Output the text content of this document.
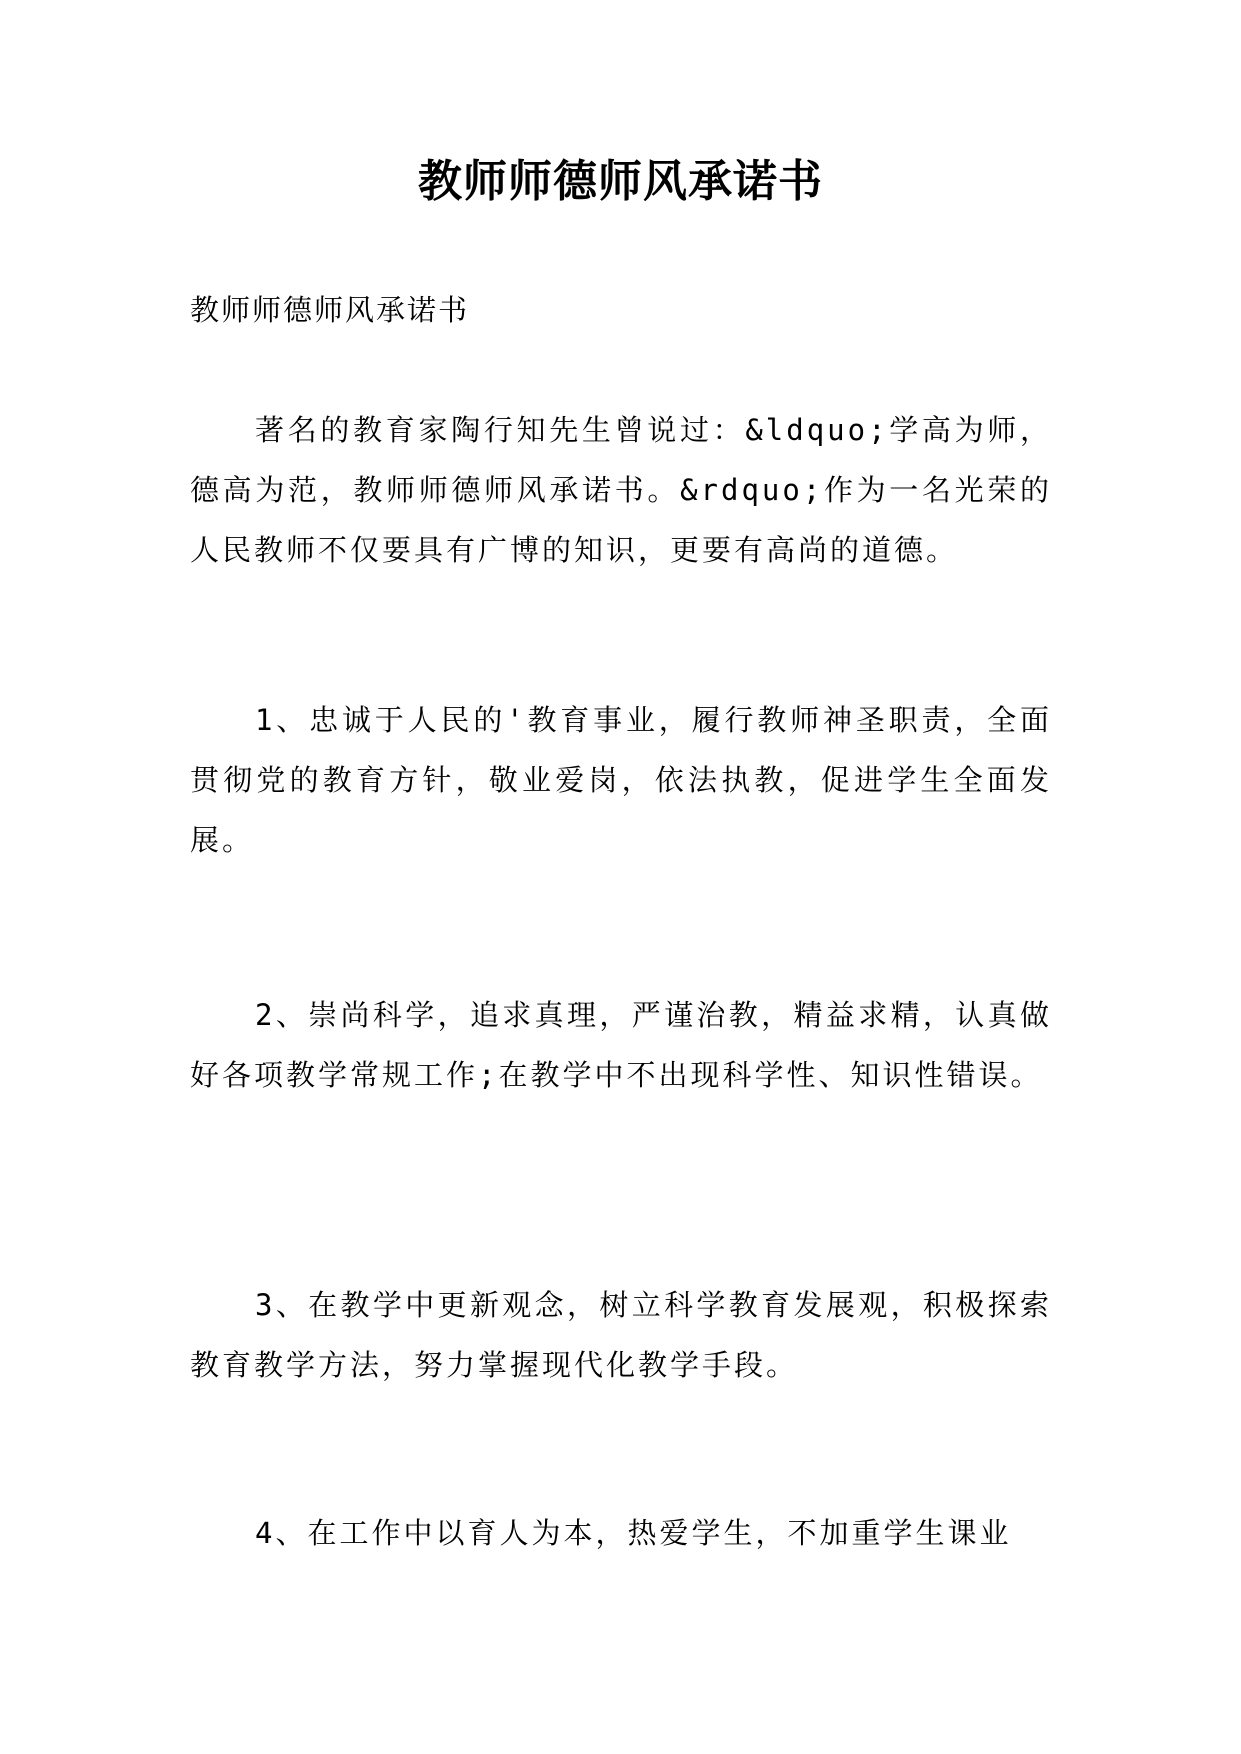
教师师德师风承诺书

教师师德师风承诺书

著名的教育家陶行知先生曾说过：&ldquo;学高为师，德高为范，教师师德师风承诺书。&rdquo;作为一名光荣的人民教师不仅要具有广博的知识，更要有高尚的道德。

1、忠诚于人民的'教育事业，履行教师神圣职责，全面贯彻党的教育方针，敬业爱岗，依法执教，促进学生全面发展。

2、崇尚科学，追求真理，严谨治教，精益求精，认真做好各项教学常规工作;在教学中不出现科学性、知识性错误。

3、在教学中更新观念，树立科学教育发展观，积极探索教育教学方法，努力掌握现代化教学手段。

4、在工作中以育人为本，热爱学生，不加重学生课业
